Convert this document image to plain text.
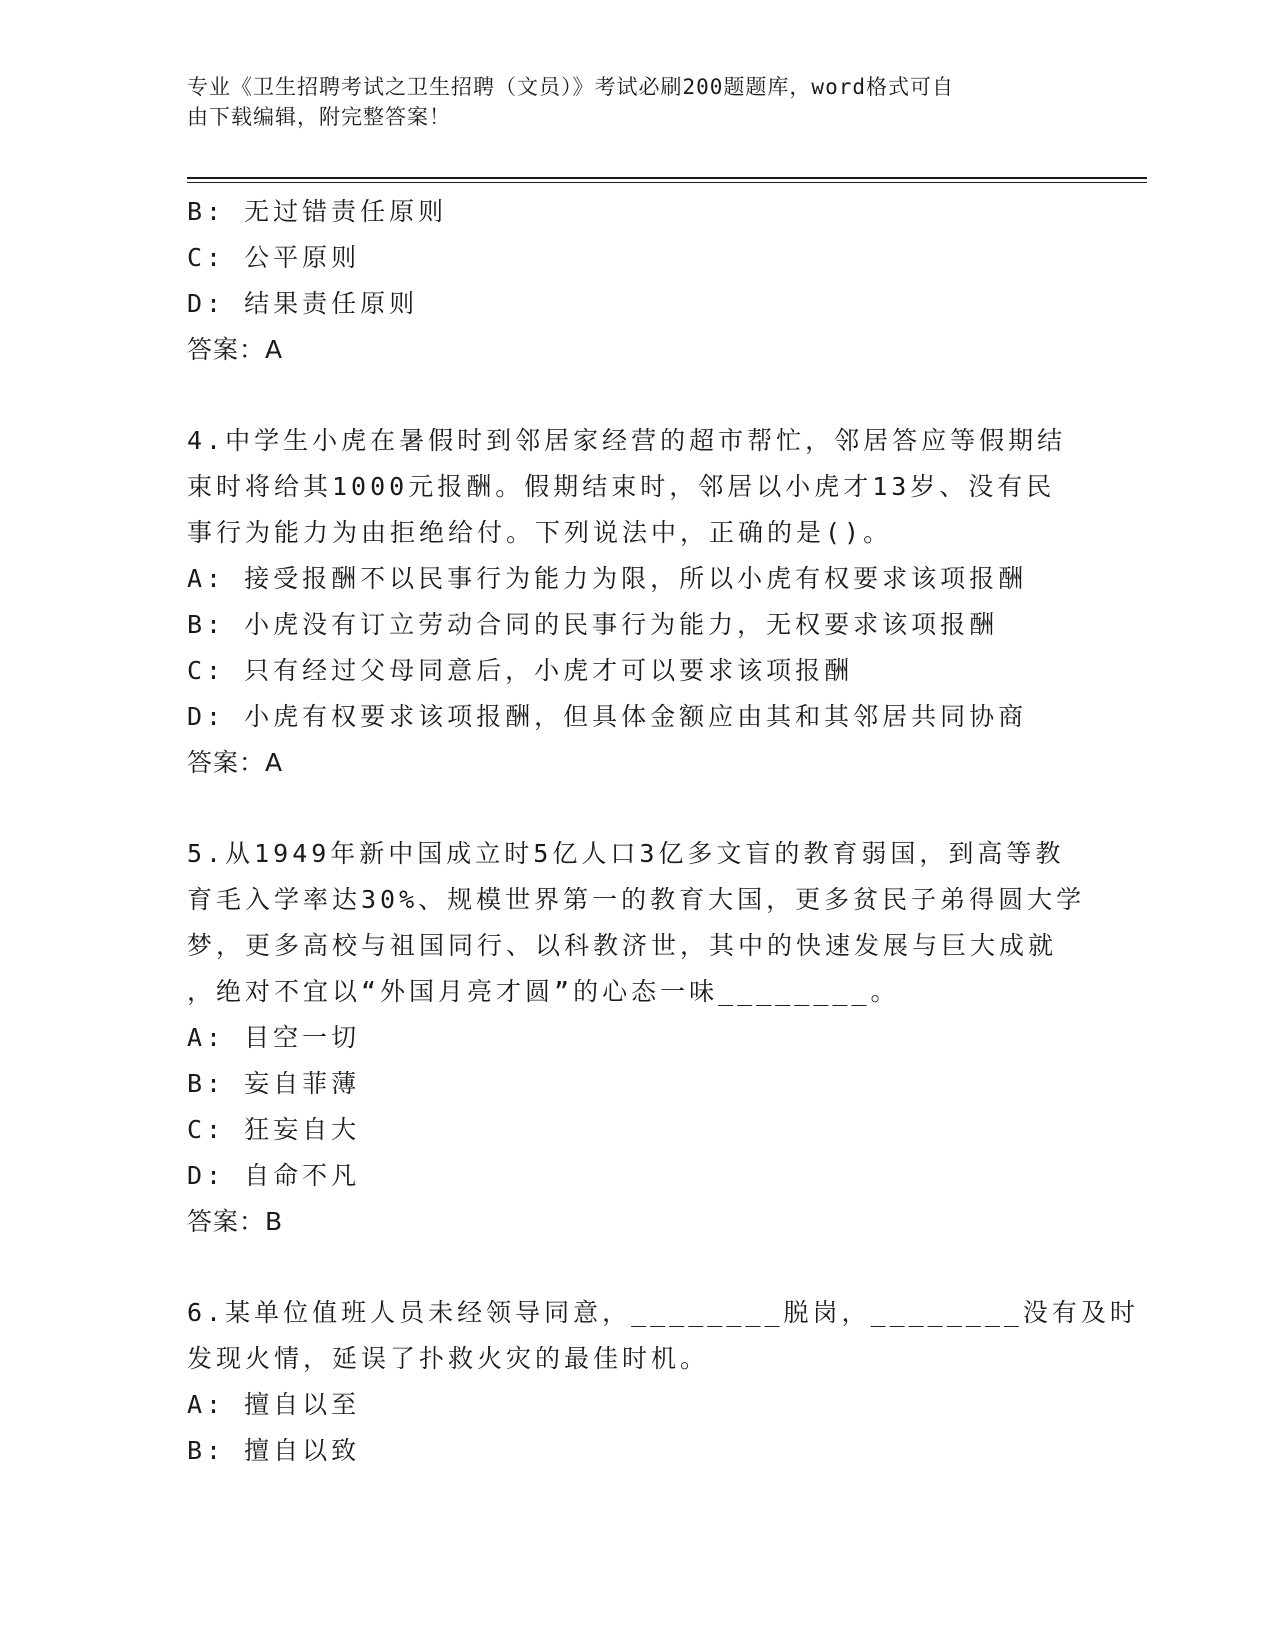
专业《卫生招聘考试之卫生招聘（文员）》考试必刷200题题库，word格式可自
由下载编辑，附完整答案！
B: 无过错责任原则
C: 公平原则
D: 结果责任原则
答案：A
4.中学生小虎在暑假时到邻居家经营的超市帮忙，邻居答应等假期结
束时将给其1000元报酬。假期结束时，邻居以小虎才13岁、没有民
事行为能力为由拒绝给付。下列说法中，正确的是()。
A: 接受报酬不以民事行为能力为限，所以小虎有权要求该项报酬
B: 小虎没有订立劳动合同的民事行为能力，无权要求该项报酬
C: 只有经过父母同意后，小虎才可以要求该项报酬
D: 小虎有权要求该项报酬，但具体金额应由其和其邻居共同协商
答案：A
5.从1949年新中国成立时5亿人口3亿多文盲的教育弱国，到高等教
育毛入学率达30%、规模世界第一的教育大国，更多贫民子弟得圆大学
梦，更多高校与祖国同行、以科教济世，其中的快速发展与巨大成就
，绝对不宜以“外国月亮才圆”的心态一味________。
A: 目空一切
B: 妄自菲薄
C: 狂妄自大
D: 自命不凡
答案：B
6.某单位值班人员未经领导同意，________脱岗，________没有及时
发现火情，延误了扑救火灾的最佳时机。
A: 擅自以至
B: 擅自以致
